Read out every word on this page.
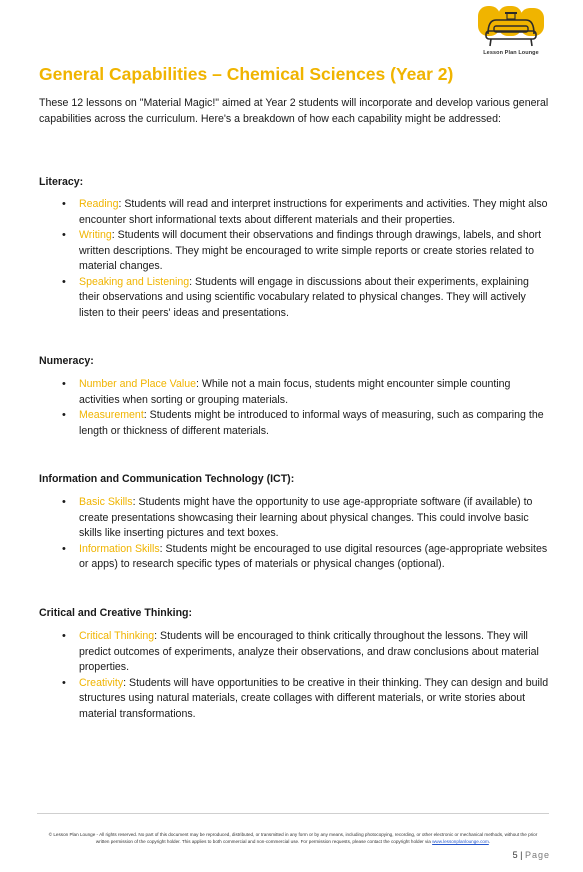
Lesson Plan Lounge
General Capabilities – Chemical Sciences (Year 2)

These 12 lessons on "Material Magic!" aimed at Year 2 students will incorporate and develop various general capabilities across the curriculum. Here's a breakdown of how each capability might be addressed:

Literacy:
• Reading: Students will read and interpret instructions for experiments and activities. They might also encounter short informational texts about different materials and their properties.
• Writing: Students will document their observations and findings through drawings, labels, and short written descriptions. They might be encouraged to write simple reports or create stories related to material changes.
• Speaking and Listening: Students will engage in discussions about their experiments, explaining their observations and using scientific vocabulary related to physical changes. They will actively listen to their peers' ideas and presentations.
Numeracy:
• Number and Place Value: While not a main focus, students might encounter simple counting activities when sorting or grouping materials.
• Measurement: Students might be introduced to informal ways of measuring, such as comparing the length or thickness of different materials.
Information and Communication Technology (ICT):
• Basic Skills: Students might have the opportunity to use age-appropriate software (if available) to create presentations showcasing their learning about physical changes. This could involve basic skills like inserting pictures and text boxes.
• Information Skills: Students might be encouraged to use digital resources (age-appropriate websites or apps) to research specific types of materials or physical changes (optional).
Critical and Creative Thinking:
• Critical Thinking: Students will be encouraged to think critically throughout the lessons. They will predict outcomes of experiments, analyze their observations, and draw conclusions about material properties.
• Creativity: Students will have opportunities to be creative in their thinking. They can design and build structures using natural materials, create collages with different materials, or write stories about material transformations.

© Lesson Plan Lounge - All rights reserved. No part of this document may be reproduced, distributed, or transmitted in any form or by any means, including photocopying, recording, or other electronic or mechanical methods, without the prior written permission of the copyright holder. This applies to both commercial and non-commercial use. For permission requests, please contact the copyright holder via www.lessonplanlounge.com.

5 | Page
